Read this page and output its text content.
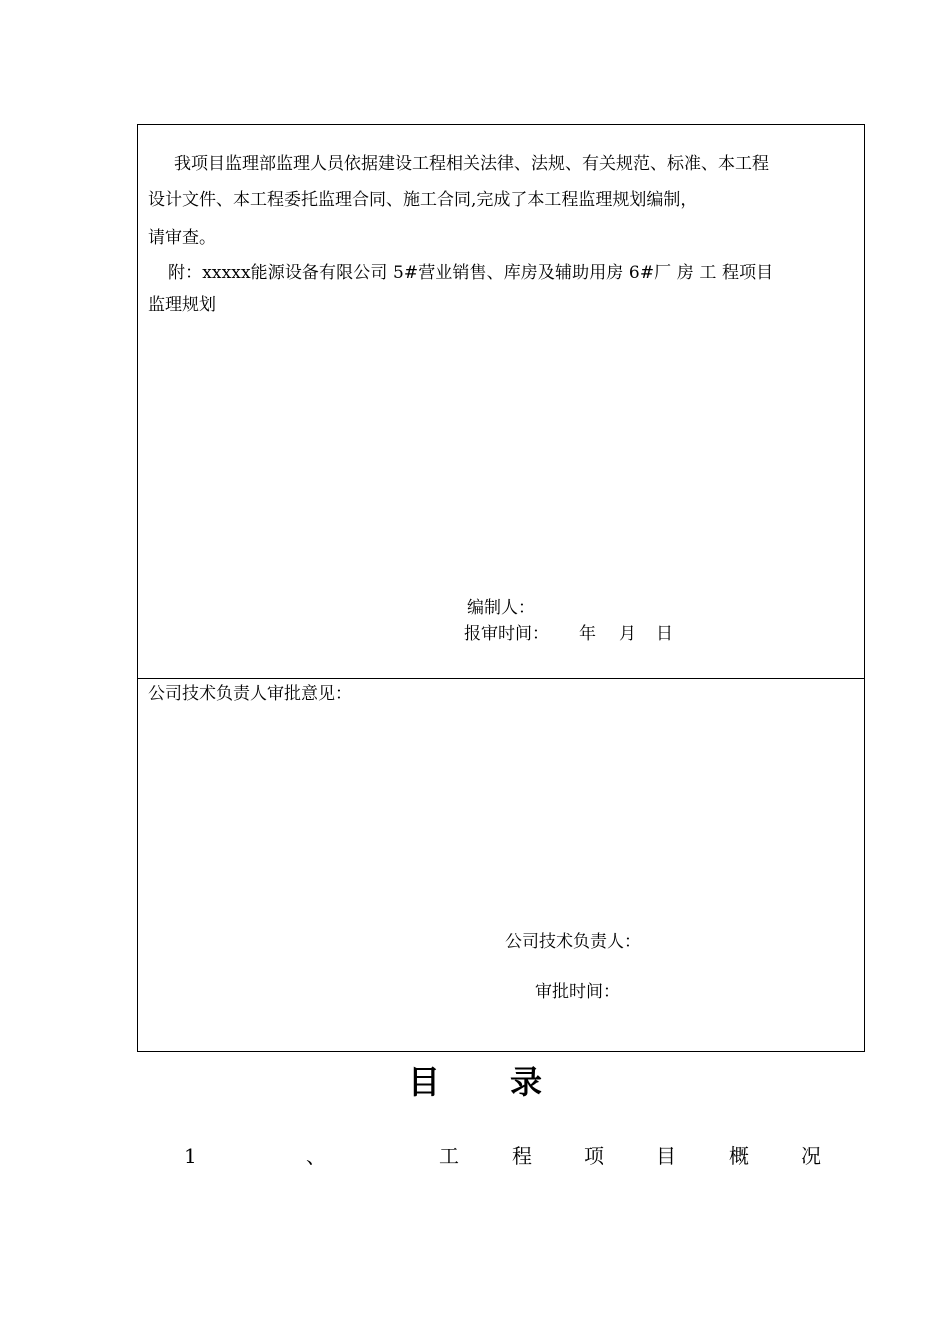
我项目监理部监理人员依据建设工程相关法律、法规、有关规范、标准、本工程
设计文件、本工程委托监理合同、施工合同,完成了本工程监理规划编制，
请审查。
附：xxxxx能源设备有限公司 5#营业销售、库房及辅助用房 6#厂 房 工 程项目
监理规划
编制人：
报审时间： 年 月 日
公司技术负责人审批意见：
公司技术负责人：
审批时间：
目 录
1	、	工	程	项	目	概	况
